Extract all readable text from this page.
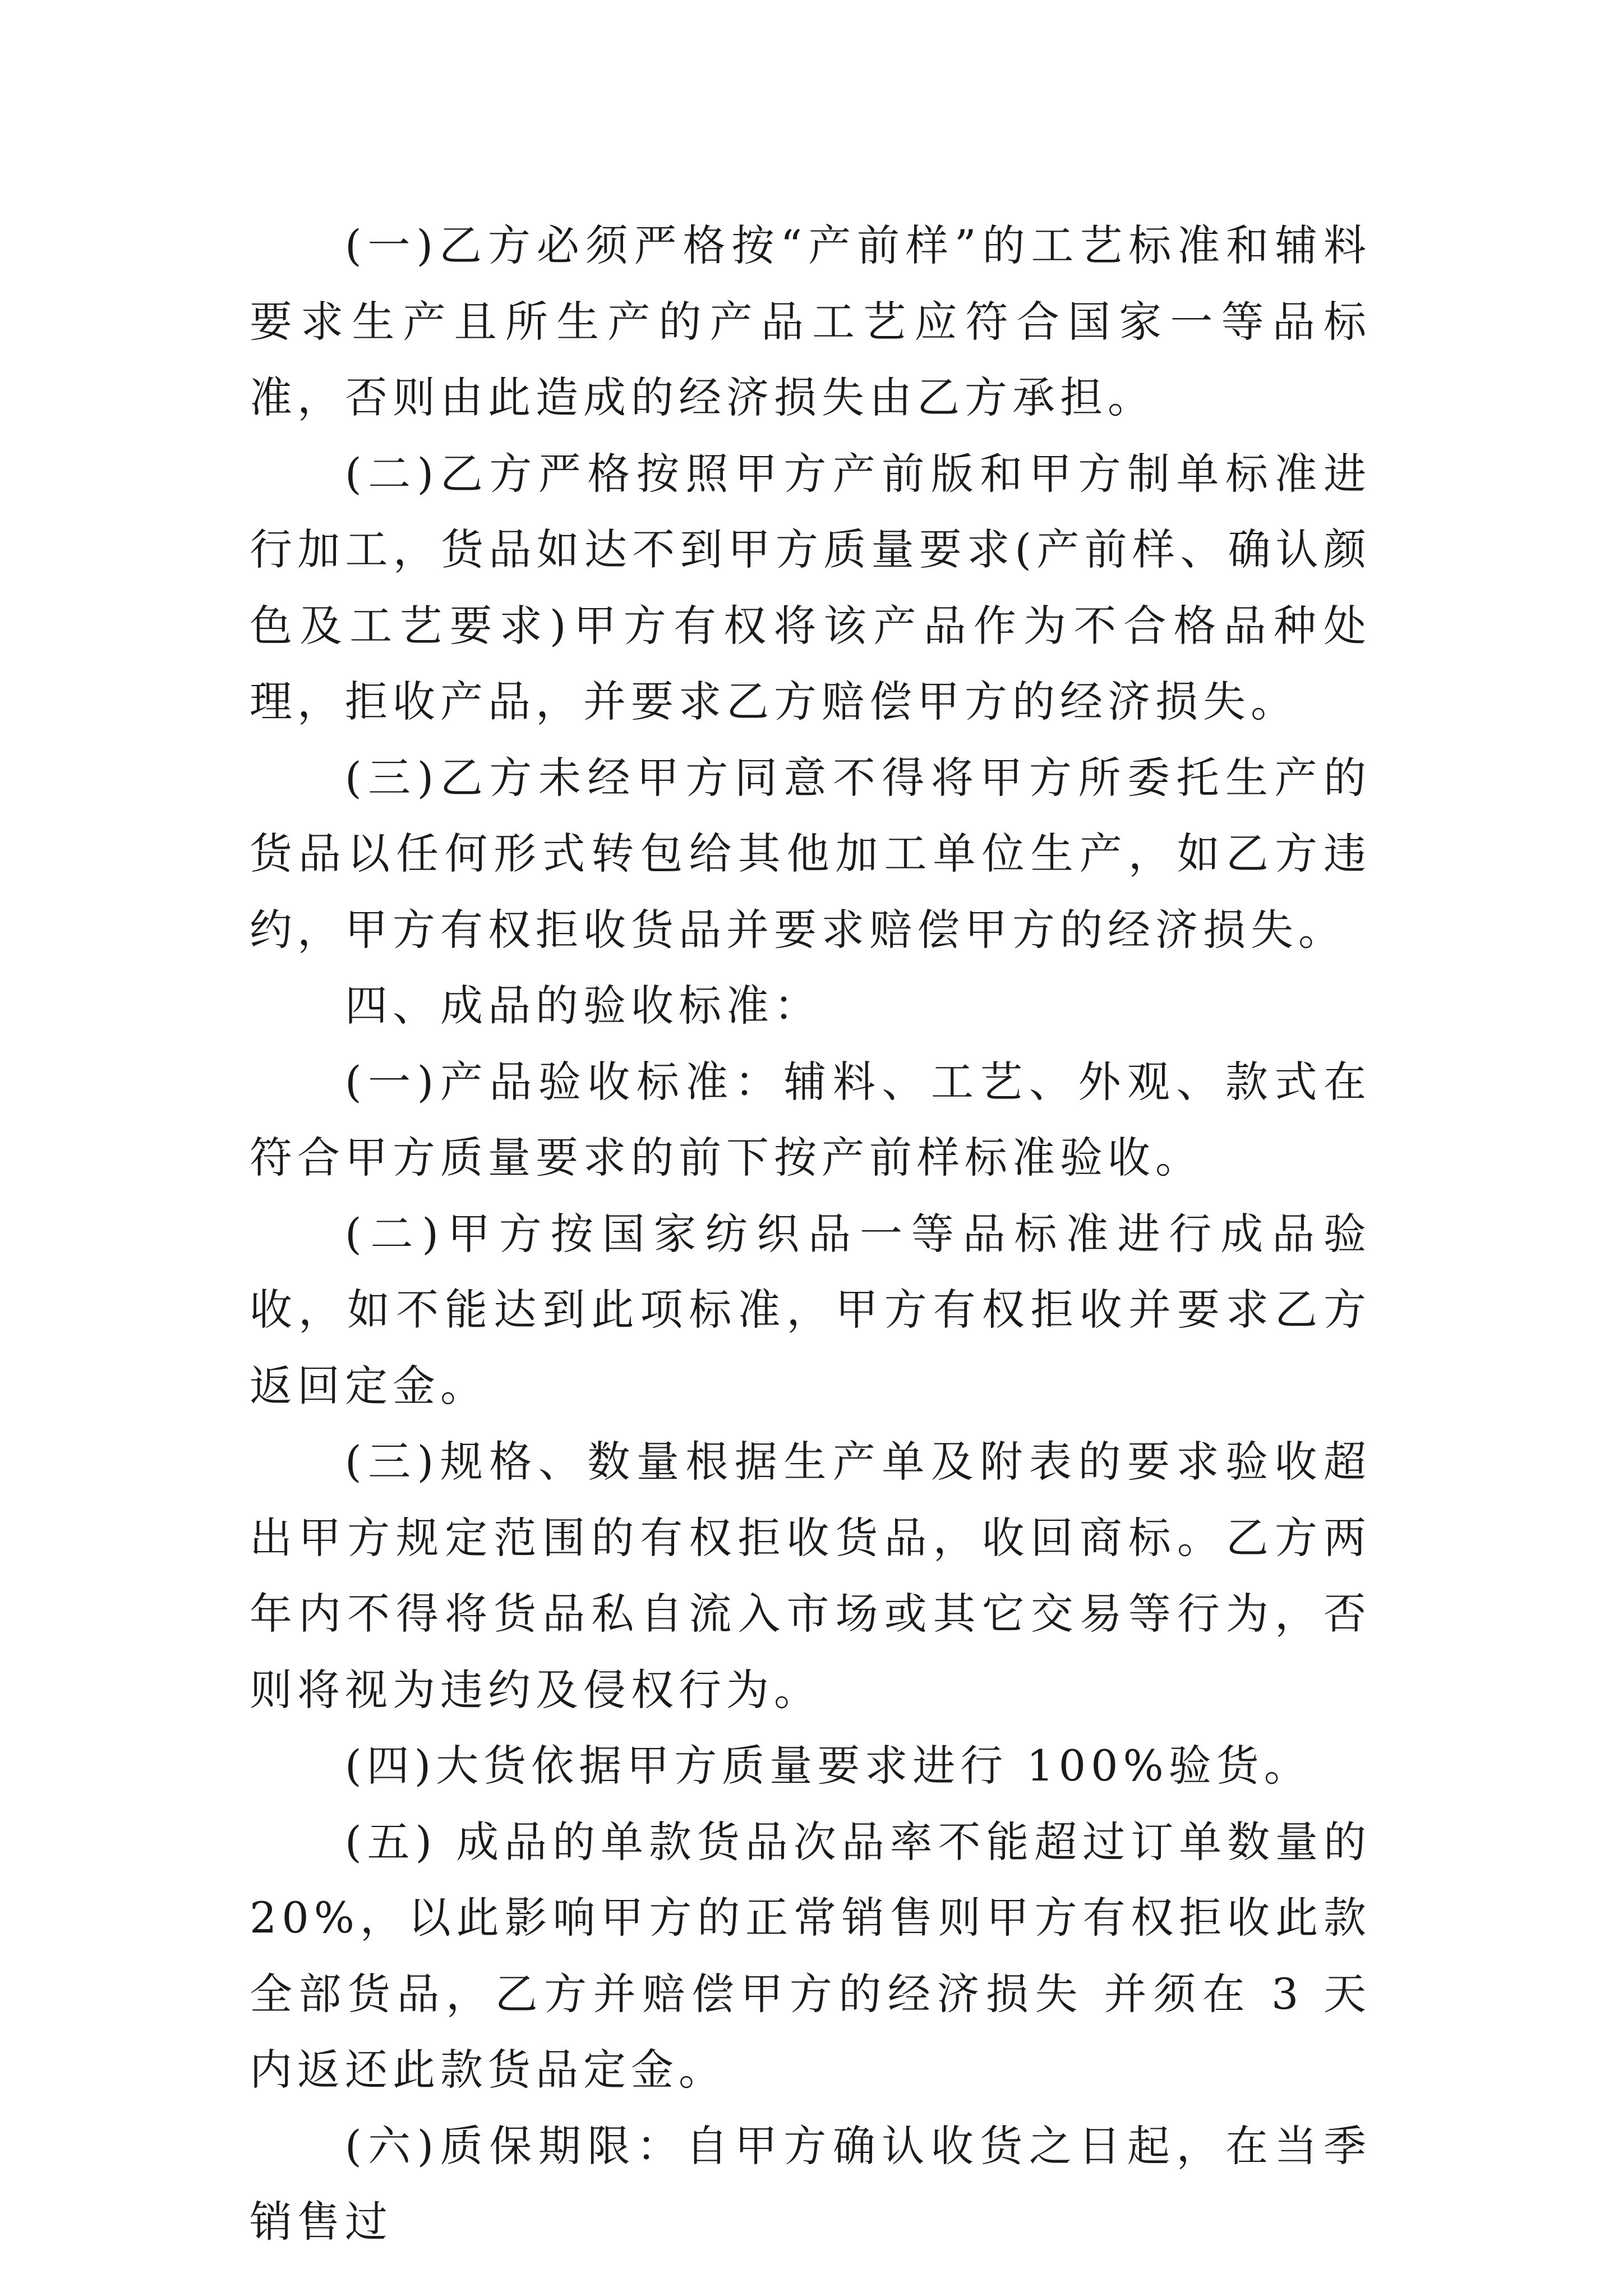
(一)乙方必须严格按“产前样”的工艺标准和辅料要求生产且所生产的产品工艺应符合国家一等品标准，否则由此造成的经济损失由乙方承担。

(二)乙方严格按照甲方产前版和甲方制单标准进行加工，货品如达不到甲方质量要求(产前样、确认颜色及工艺要求)甲方有权将该产品作为不合格品种处理，拒收产品，并要求乙方赔偿甲方的经济损失。

(三)乙方未经甲方同意不得将甲方所委托生产的货品以任何形式转包给其他加工单位生产，如乙方违约，甲方有权拒收货品并要求赔偿甲方的经济损失。

四、成品的验收标准：

(一)产品验收标准：辅料、工艺、外观、款式在符合甲方质量要求的前下按产前样标准验收。

(二)甲方按国家纺织品一等品标准进行成品验收，如不能达到此项标准，甲方有权拒收并要求乙方返回定金。

(三)规格、数量根据生产单及附表的要求验收超出甲方规定范围的有权拒收货品，收回商标。乙方两年内不得将货品私自流入市场或其它交易等行为，否则将视为违约及侵权行为。

(四)大货依据甲方质量要求进行 100%验货。

(五) 成品的单款货品次品率不能超过订单数量的 20%，以此影响甲方的正常销售则甲方有权拒收此款全部货品，乙方并赔偿甲方的经济损失 并须在 3 天内返还此款货品定金。

(六)质保期限：自甲方确认收货之日起，在当季销售过
